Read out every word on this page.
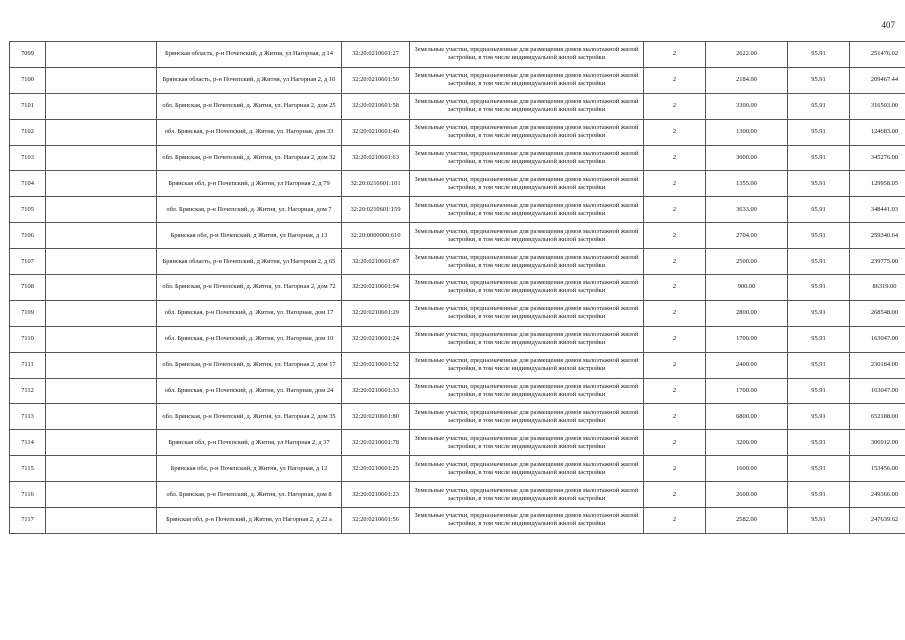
407
7099		Брянская область, р-н Почепский, д Житня, ул Нагорная, д 14	32:20:0210601:27	Земельные участки, предназначенные для размещения домов малоэтажной жилой застройки, в том числе индивидуальной жилой застройки	2	2622.00	95.91	251476.02
7100		Брянская область, р-н Почепский, д Житня, ул Нагорная 2, д 10	32:20:0210601:50	Земельные участки, предназначенные для размещения домов малоэтажной жилой застройки, в том числе индивидуальной жилой застройки	2	2184.00	95.91	209467.44
7101		обл. Брянская, р-н Почепский, д. Житня, ул. Нагорная 2, дом 25	32:20:0210601:58	Земельные участки, предназначенные для размещения домов малоэтажной жилой застройки, в том числе индивидуальной жилой застройки	2	3300.00	95.91	316503.00
7102		обл. Брянская, р-н Почепский, д. Житня, ул. Нагорная, дом 33	32:20:0210601:40	Земельные участки, предназначенные для размещения домов малоэтажной жилой застройки, в том числе индивидуальной жилой застройки	2	1300.00	95.91	124683.00
7103		обл. Брянская, р-н Почепский, д. Житня, ул. Нагорная 2, дом 32	32:20:0210601:63	Земельные участки, предназначенные для размещения домов малоэтажной жилой застройки, в том числе индивидуальной жилой застройки	2	3600.00	95.91	345276.00
7104		Брянская обл, р-н Почепский, д Житня, ул Нагорная 2, д 79	32:20:0210601:101	Земельные участки, предназначенные для размещения домов малоэтажной жилой застройки, в том числе индивидуальной жилой застройки	2	1355.00	95.91	129958.05
7105		обл. Брянская, р-н Почепский, д. Житня, ул. Нагорная, дом 7	32:20:0210601:159	Земельные участки, предназначенные для размещения домов малоэтажной жилой застройки, в том числе индивидуальной жилой застройки	2	3633.00	95.91	348441.03
7106		Брянская обл, р-н Почепский, д Житня, ул Нагорная, д 13	32:20:0000000:610	Земельные участки, предназначенные для размещения домов малоэтажной жилой застройки, в том числе индивидуальной жилой застройки	2	2704.00	95.91	259340.64
7107		Брянская область, р-н Почепский, д Житня, ул Нагорная 2, д 65	32:20:0210601:87	Земельные участки, предназначенные для размещения домов малоэтажной жилой застройки, в том числе индивидуальной жилой застройки	2	2500.00	95.91	239775.00
7108		обл. Брянская, р-н Почепский, д. Житня, ул. Нагорная 2, дом 72	32:20:0210601:94	Земельные участки, предназначенные для размещения домов малоэтажной жилой застройки, в том числе индивидуальной жилой застройки	2	900.00	95.91	86319.00
7109		обл. Брянская, р-н Почепский, д. Житня, ул. Нагорная, дом 17	32:20:0210601:29	Земельные участки, предназначенные для размещения домов малоэтажной жилой застройки, в том числе индивидуальной жилой застройки	2	2800.00	95.91	268548.00
7110		обл. Брянская, р-н Почепский, д. Житня, ул. Нагорная, дом 10	32:20:0210601:24	Земельные участки, предназначенные для размещения домов малоэтажной жилой застройки, в том числе индивидуальной жилой застройки	2	1700.00	95.91	163047.00
7111		обл. Брянская, р-н Почепский, д. Житня, ул. Нагорная 2, дом 17	32:20:0210601:52	Земельные участки, предназначенные для размещения домов малоэтажной жилой застройки, в том числе индивидуальной жилой застройки	2	2400.00	95.91	230184.00
7112		обл. Брянская, р-н Почепский, д. Житня, ул. Нагорная, дом 24	32:20:0210601:33	Земельные участки, предназначенные для размещения домов малоэтажной жилой застройки, в том числе индивидуальной жилой застройки	2	1700.00	95.91	163047.00
7113		обл. Брянская, р-н Почепский, д. Житня, ул. Нагорная 2, дом 35	32:20:0210601:80	Земельные участки, предназначенные для размещения домов малоэтажной жилой застройки, в том числе индивидуальной жилой застройки	2	6800.00	95.91	652188.00
7114		Брянская обл, р-н Почепский, д Житня, ул Нагорная 2, д 37	32:20:0210601:78	Земельные участки, предназначенные для размещения домов малоэтажной жилой застройки, в том числе индивидуальной жилой застройки	2	3200.00	95.91	306912.00
7115		Брянская обл, р-н Почепский, д Житня, ул Нагорная, д 12	32:20:0210601:25	Земельные участки, предназначенные для размещения домов малоэтажной жилой застройки, в том числе индивидуальной жилой застройки	2	1600.00	95.91	153456.00
7116		обл. Брянская, р-н Почепский, д. Житня, ул. Нагорная, дом 8	32:20:0210601:23	Земельные участки, предназначенные для размещения домов малоэтажной жилой застройки, в том числе индивидуальной жилой застройки	2	2600.00	95.91	249366.00
7117		Брянская обл, р-н Почепский, д Житня, ул Нагорная 2, д 22 а	32:20:0210601:56	Земельные участки, предназначенные для размещения домов малоэтажной жилой застройки, в том числе индивидуальной жилой застройки	2	2582.00	95.91	247639.62
